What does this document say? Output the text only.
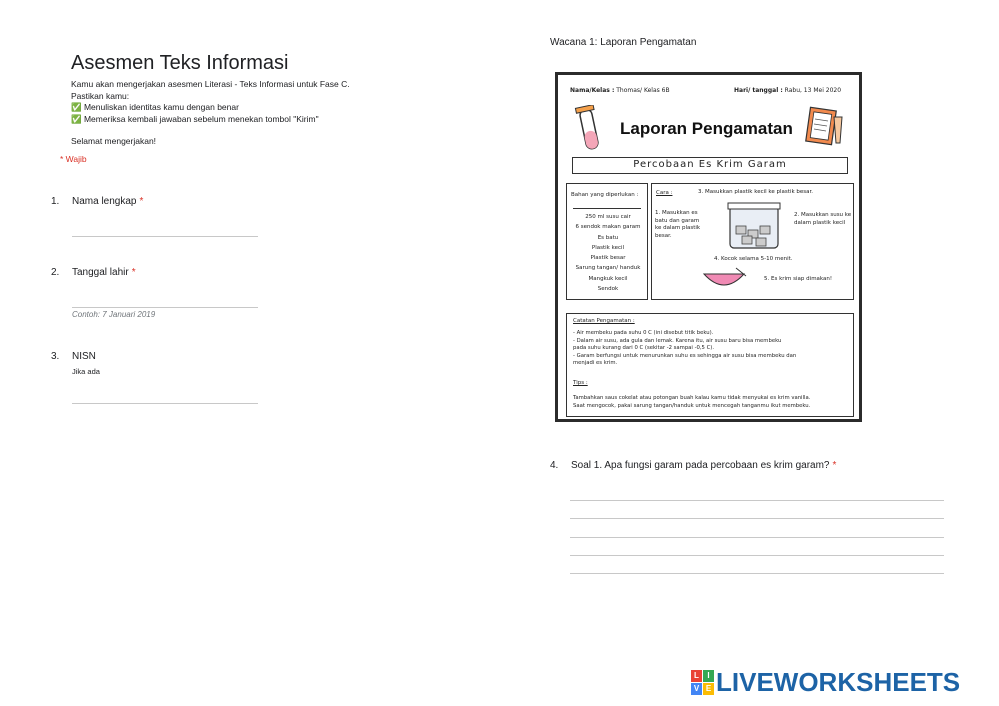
Asesmen Teks Informasi
Kamu akan mengerjakan asesmen Literasi - Teks Informasi untuk Fase C.
Pastikan kamu:
✅ Menuliskan identitas kamu dengan benar
✅ Memeriksa kembali jawaban sebelum menekan tombol "Kirim"
Selamat mengerjakan!
* Wajib
1. Nama lengkap *
2. Tanggal lahir *
Contoh: 7 Januari 2019
3. NISN
Jika ada
Wacana 1: Laporan Pengamatan
Nama/Kelas : Thomas/ Kelas 6B	Hari/ tanggal : Rabu, 13 Mei 2020
Laporan Pengamatan
Percobaan Es Krim Garam
Bahan yang diperlukan :
250 ml susu cair
6 sendok makan garam
Es batu
Plastik kecil
Plastik besar
Sarung tangan/ handuk
Mangkuk kecil
Sendok
Cara :	3. Masukkan plastik kecil ke plastik besar.
1. Masukkan es batu dan garam ke dalam plastik besar.
2. Masukkan susu ke dalam plastik kecil
4. Kocok selama 5-10 menit.
5. Es krim siap dimakan!
Catatan Pengamatan :
- Air membeku pada suhu 0 C (ini disebut titik beku).
- Dalam air susu, ada gula dan lemak. Karena itu, air susu baru bisa membeku
pada suhu kurang dari 0 C (sekitar -2 sampai -0,5 C).
- Garam berfungsi untuk menurunkan suhu es sehingga air susu bisa membeku dan
menjadi es krim.
Tips :
Tambahkan saus cokelat atau potongan buah kalau kamu tidak menyukai es krim vanilla.
Saat mengocok, pakai sarung tangan/handuk untuk mencegah tanganmu ikut membeku.
4. Soal 1. Apa fungsi garam pada percobaan es krim garam? *
L	I
V E LIVEWORKSHEETS
